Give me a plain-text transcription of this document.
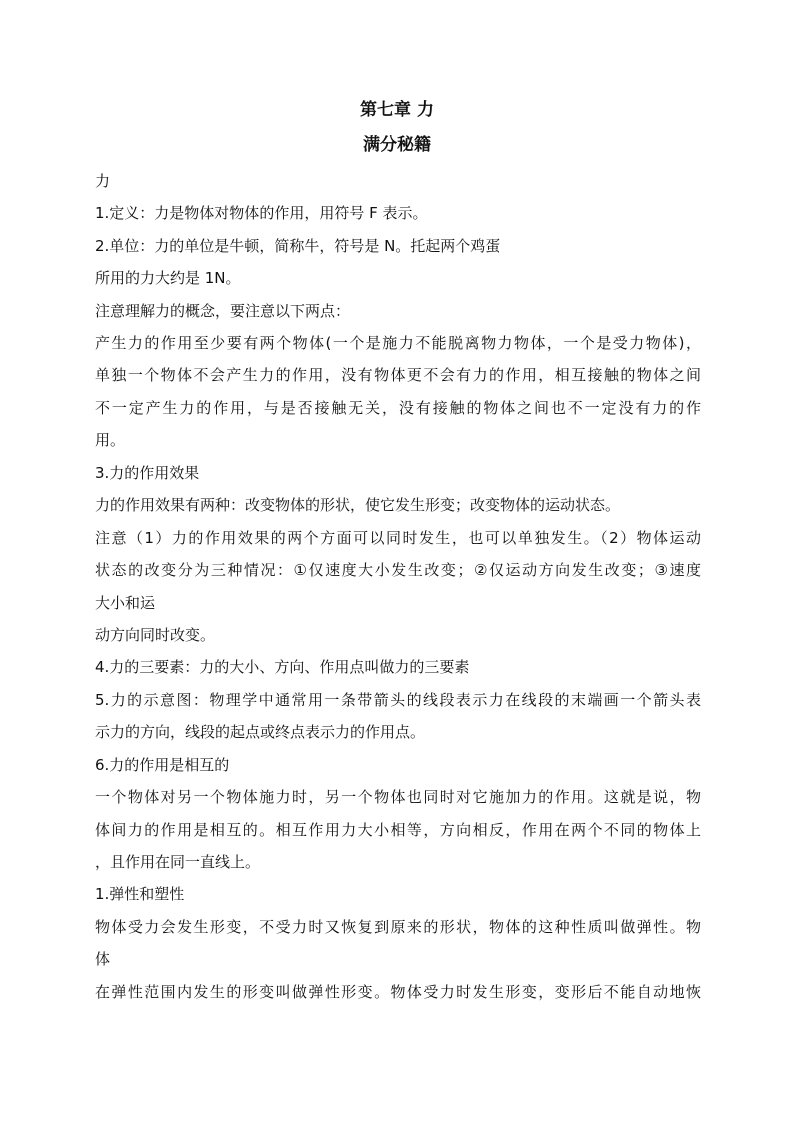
第七章 力
满分秘籍
力
1.定义：力是物体对物体的作用，用符号 F 表示。
2.单位：力的单位是牛顿，简称牛，符号是 N。托起两个鸡蛋
所用的力大约是 1N。
注意理解力的概念，要注意以下两点：
产生力的作用至少要有两个物体(一个是施力不能脱离物力物体，一个是受力物体)，
单独一个物体不会产生力的作用，没有物体更不会有力的作用，相互接触的物体之间
不一定产生力的作用，与是否接触无关，没有接触的物体之间也不一定没有力的作
用。
3.力的作用效果
力的作用效果有两种：改变物体的形状，使它发生形变；改变物体的运动状态。
注意（1）力的作用效果的两个方面可以同时发生，也可以单独发生。（2）物体运动
状态的改变分为三种情况：①仅速度大小发生改变；②仅运动方向发生改变；③速度
大小和运
动方向同时改变。
4.力的三要素：力的大小、方向、作用点叫做力的三要素
5.力的示意图：物理学中通常用一条带箭头的线段表示力在线段的末端画一个箭头表
示力的方向，线段的起点或终点表示力的作用点。
6.力的作用是相互的
一个物体对另一个物体施力时，另一个物体也同时对它施加力的作用。这就是说，物
体间力的作用是相互的。相互作用力大小相等，方向相反，作用在两个不同的物体上
，且作用在同一直线上。
1.弹性和塑性
物体受力会发生形变，不受力时又恢复到原来的形状，物体的这种性质叫做弹性。物
体
在弹性范围内发生的形变叫做弹性形变。物体受力时发生形变，变形后不能自动地恢
